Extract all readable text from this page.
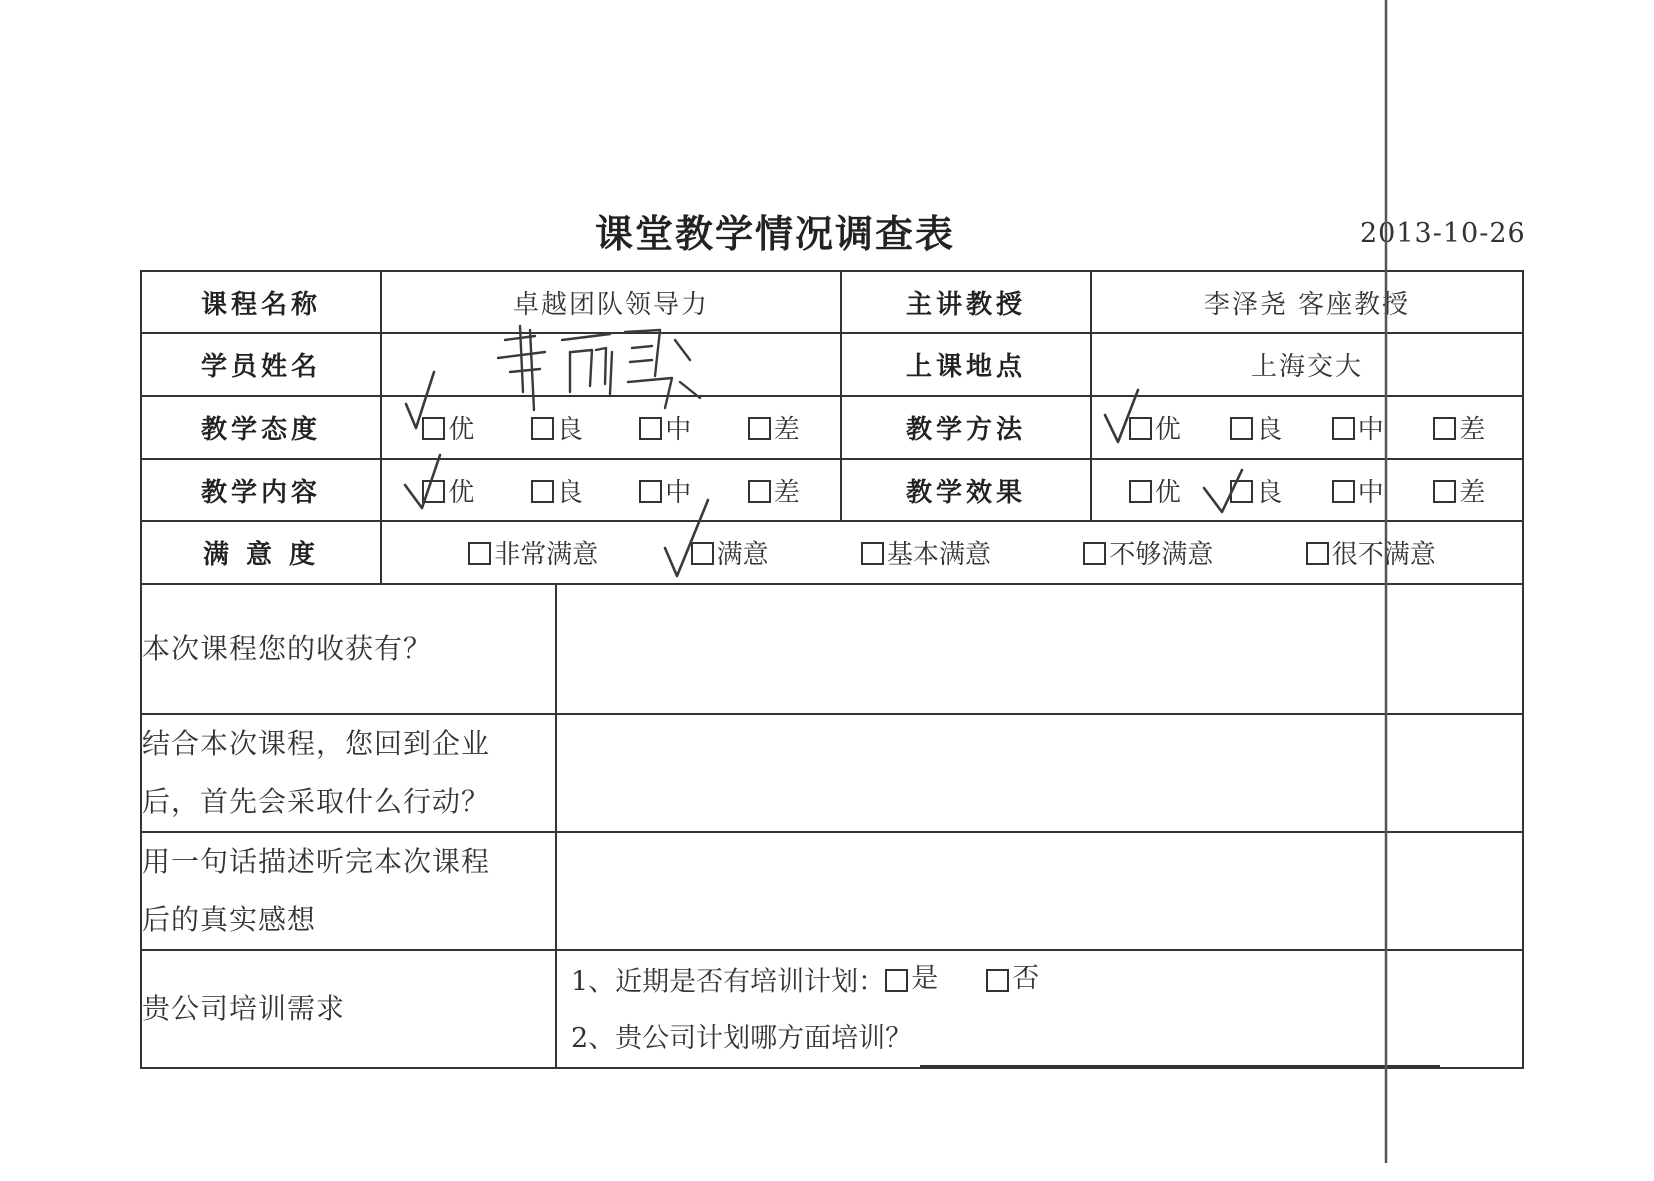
课堂教学情况调查表	2013-10-26
课程名称	卓越团队领导力		主讲教授	李泽尧 客座教授
学员姓名			上课地点	上海交大
教学态度	优 良 中 差		教学方法	优 良 中 差

教学内容	优 良 中 差		教学效果	优 良 中 差

满 意 度	非常满意 满意 基本满意 不够满意 很不满意			

本次课程您的收获有？				

结合本次课程，您回到企业
后，首先会采取什么行动？				

用一句话描述听完本次课程
后的真实感想				

贵公司培训需求		1、近期是否有培训计划： 是 否
2、贵公司计划哪方面培训？		
